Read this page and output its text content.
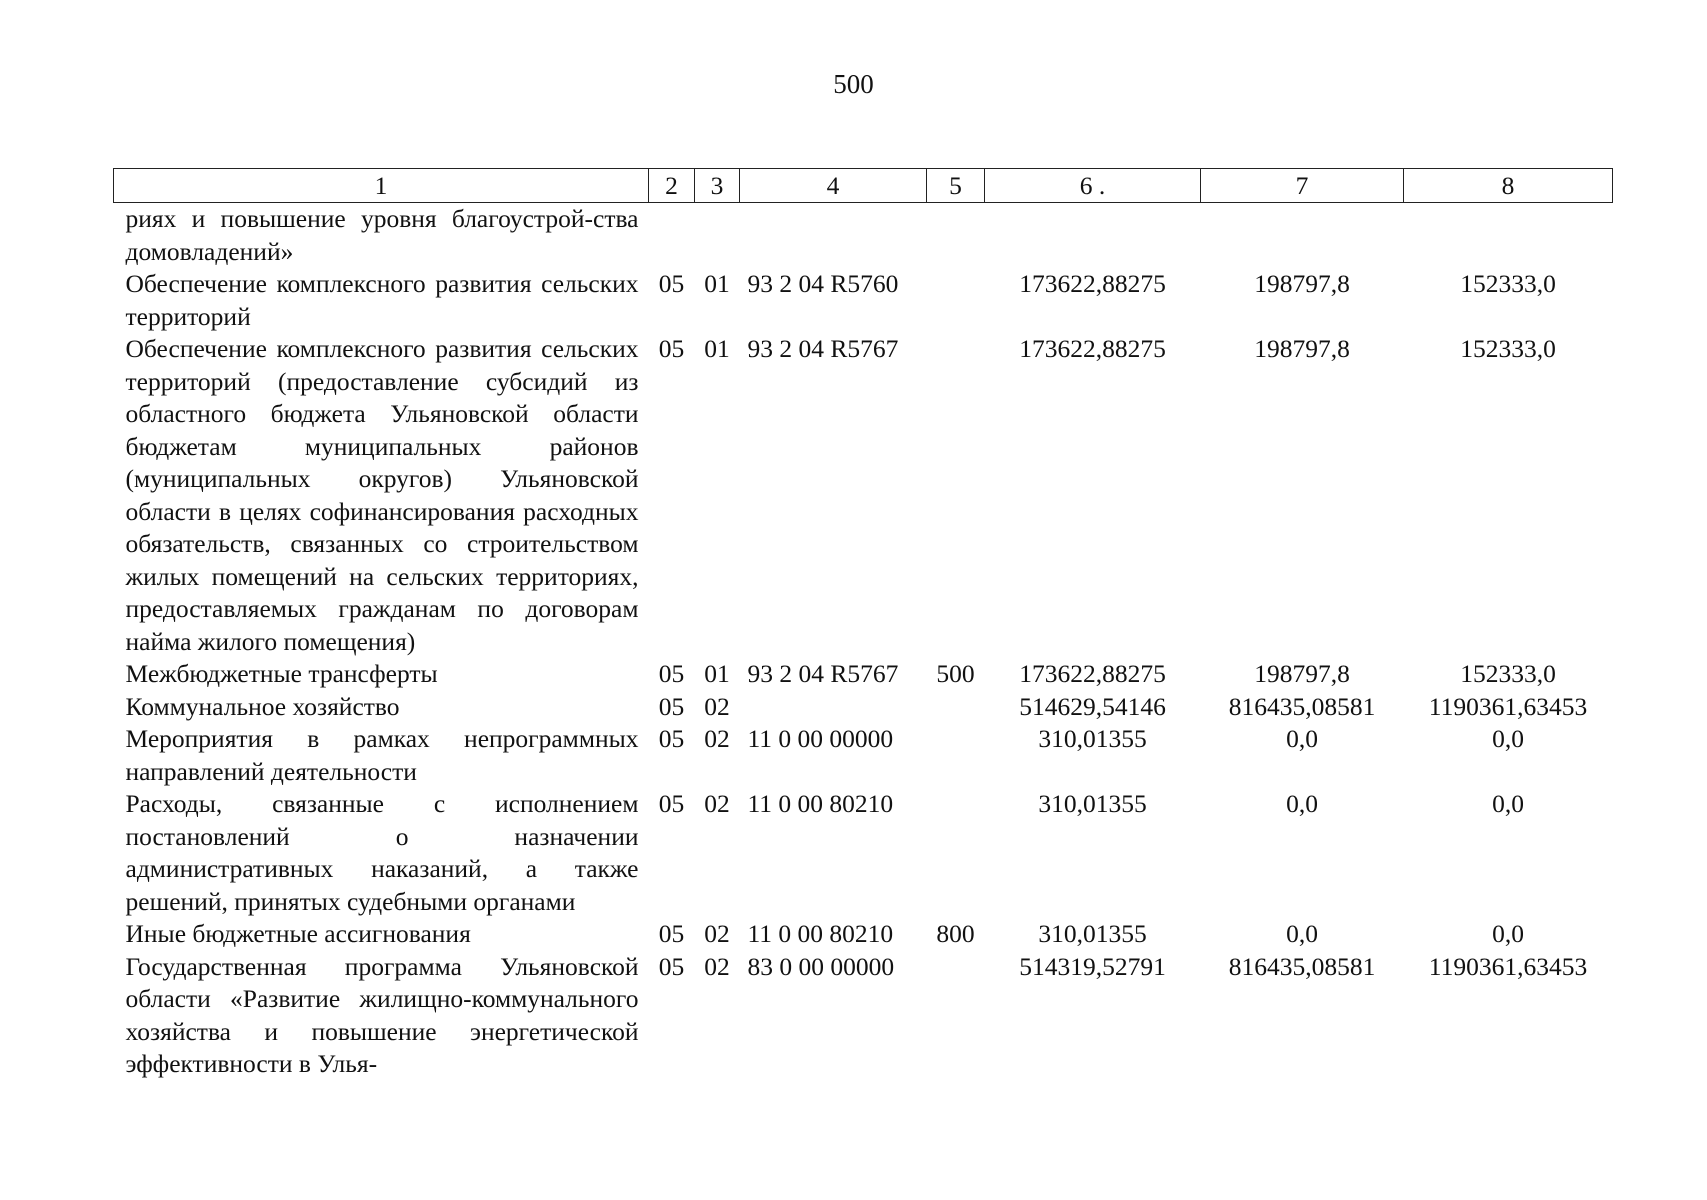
500
1	2	3	4	5	6 .	7	8
риях и повышение уровня благоустрой-ства домовладений»							
Обеспечение комплексного развития сельских территорий	05	01	93 2 04 R5760		173622,88275	198797,8	152333,0
Обеспечение комплексного развития сельских территорий (предоставление субсидий из областного бюджета Ульяновской области бюджетам муниципальных районов (муниципальных округов) Ульяновской области в целях софинансирования расходных обязательств, связанных со строительством жилых помещений на сельских территориях, предоставляемых гражданам по договорам найма жилого помещения)	05	01	93 2 04 R5767		173622,88275	198797,8	152333,0
Межбюджетные трансферты	05	01	93 2 04 R5767	500	173622,88275	198797,8	152333,0
Коммунальное хозяйство	05	02			514629,54146	816435,08581	1190361,63453
Мероприятия в рамках непрограммных направлений деятельности	05	02	11 0 00 00000		310,01355	0,0	0,0
Расходы, связанные с исполнением постановлений о назначении административных наказаний, а также решений, принятых судебными органами	05	02	11 0 00 80210		310,01355	0,0	0,0
Иные бюджетные ассигнования	05	02	11 0 00 80210	800	310,01355	0,0	0,0
Государственная программа Ульяновской области «Развитие жилищно-коммунального хозяйства и повышение энергетической эффективности в Улья-	05	02	83 0 00 00000		514319,52791	816435,08581	1190361,63453
